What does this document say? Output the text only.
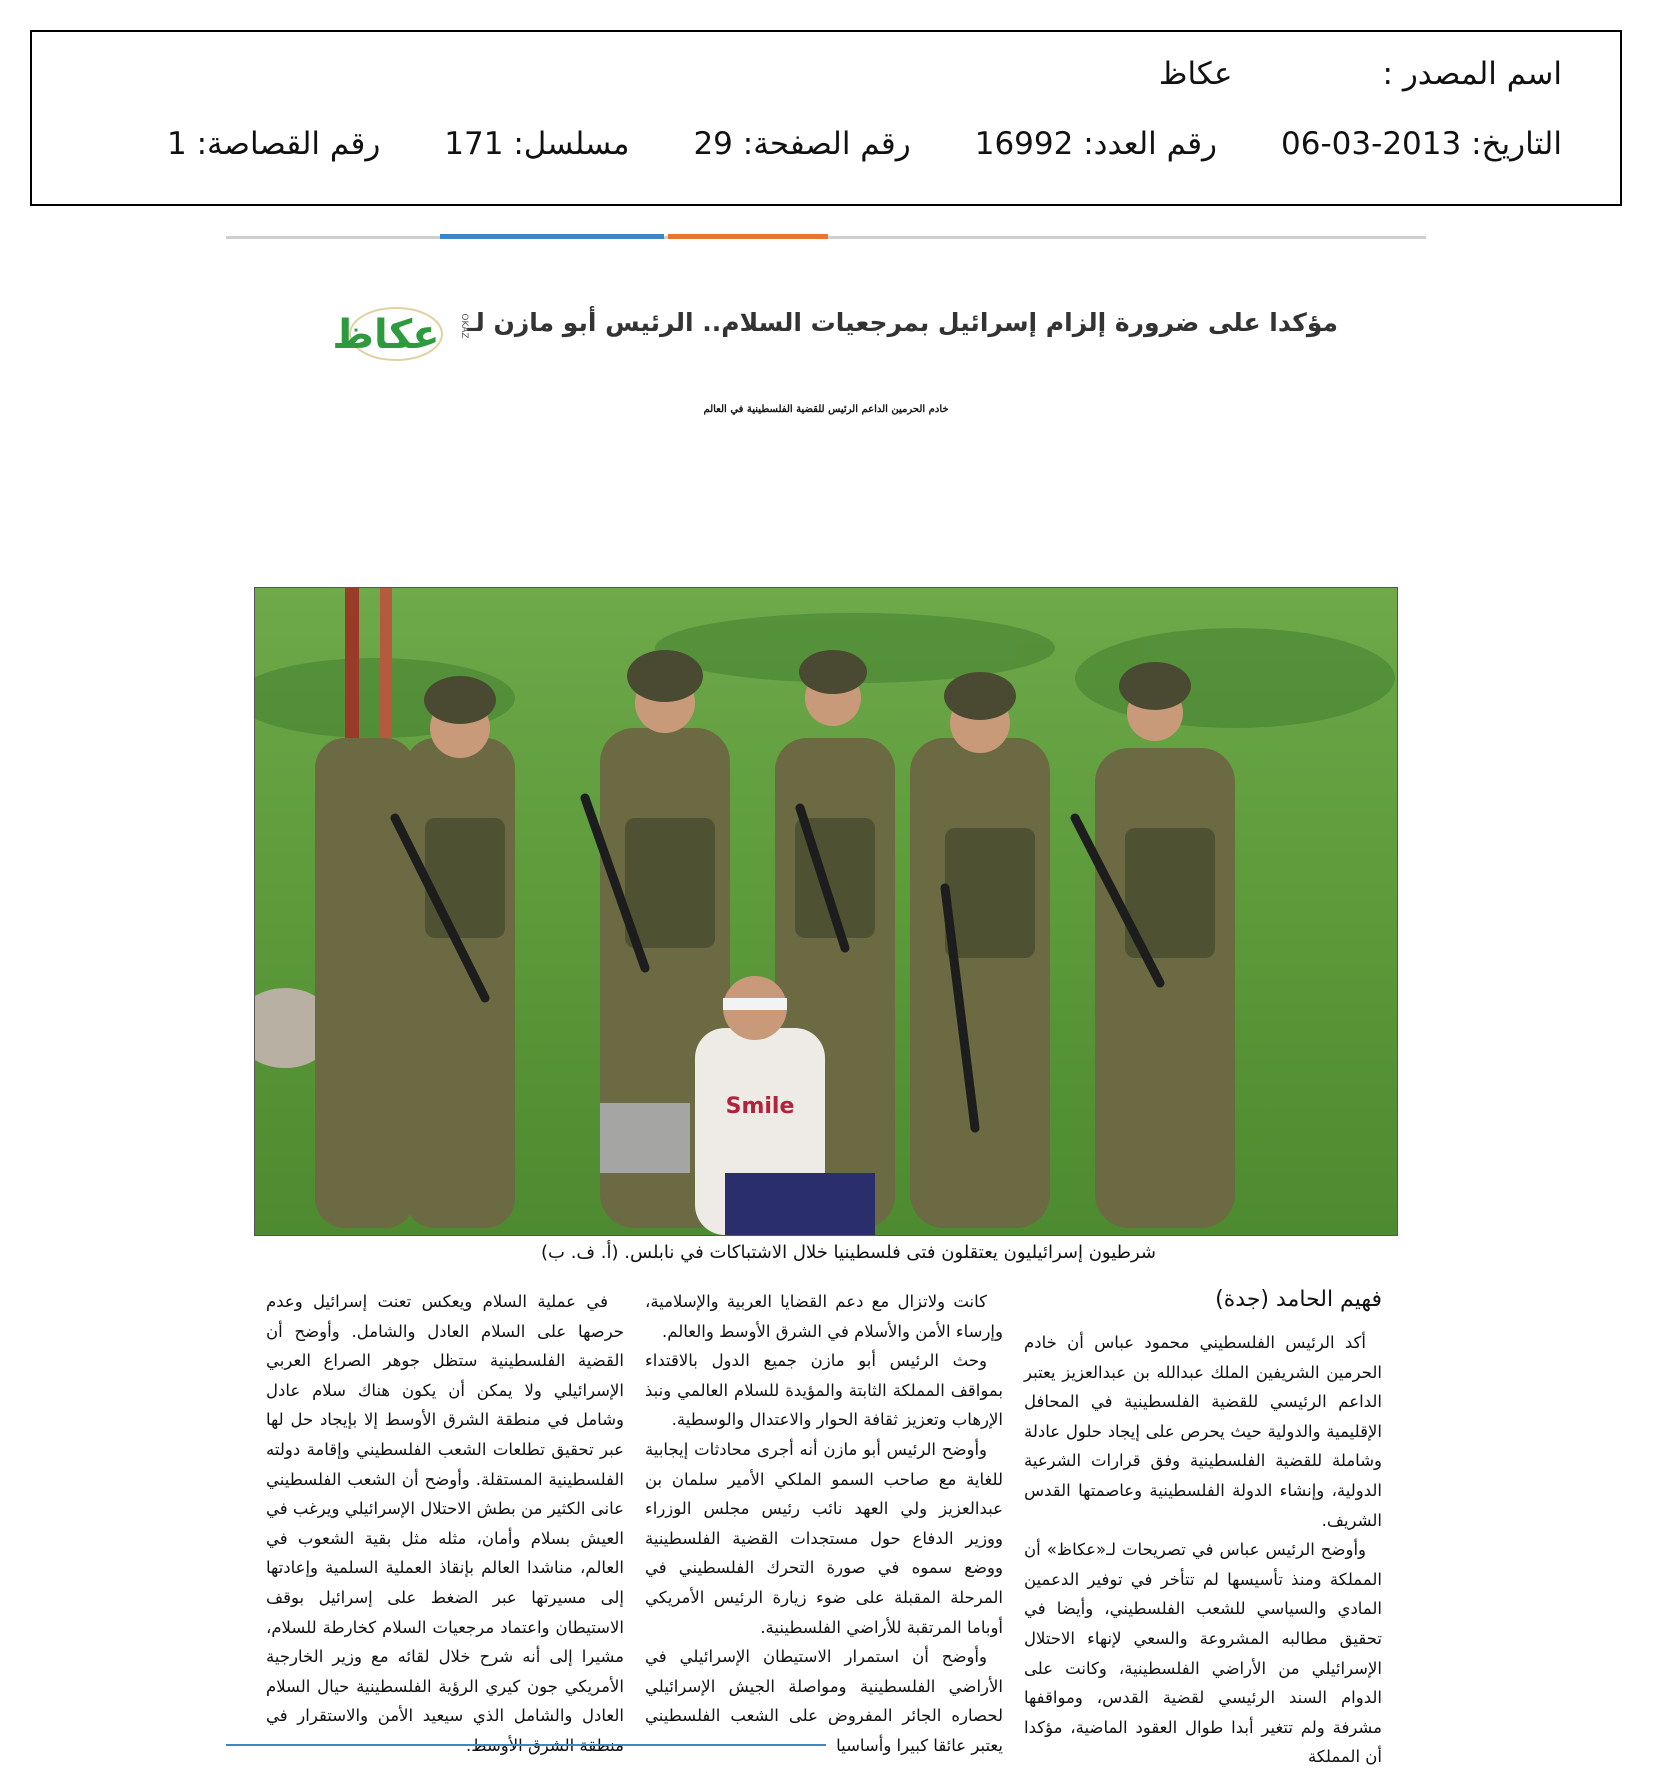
اسم المصدر :
عكاظ
التاريخ: 2013-03-06
رقم العدد: 16992
رقم الصفحة: 29
مسلسل: 171
رقم القصاصة: 1
مؤكدا على ضرورة إلزام إسرائيل بمرجعيات السلام.. الرئيس أبو مازن لـ
عكاظ OKAZ
خادم الحرمين الداعم الرئيس للقضية الفلسطينية في العالم
Smile
شرطيون إسرائيليون يعتقلون فتى فلسطينيا خلال الاشتباكات في نابلس. (أ. ف. ب)
فهيم الحامد (جدة)

أكد الرئيس الفلسطيني محمود عباس أن خادم الحرمين الشريفين الملك عبدالله بن عبدالعزيز يعتبر الداعم الرئيسي للقضية الفلسطينية في المحافل الإقليمية والدولية حيث يحرص على إيجاد حلول عادلة وشاملة للقضية الفلسطينية وفق قرارات الشرعية الدولية، وإنشاء الدولة الفلسطينية وعاصمتها القدس الشريف.

وأوضح الرئيس عباس في تصريحات لـ«عكاظ» أن المملكة ومنذ تأسيسها لم تتأخر في توفير الدعمين المادي والسياسي للشعب الفلسطيني، وأيضا في تحقيق مطالبه المشروعة والسعي لإنهاء الاحتلال الإسرائيلي من الأراضي الفلسطينية، وكانت على الدوام السند الرئيسي لقضية القدس، ومواقفها مشرفة ولم تتغير أبدا طوال العقود الماضية، مؤكدا أن المملكة

كانت ولاتزال مع دعم القضايا العربية والإسلامية، وإرساء الأمن والأسلام في الشرق الأوسط والعالم.

وحث الرئيس أبو مازن جميع الدول بالاقتداء بمواقف المملكة الثابتة والمؤيدة للسلام العالمي ونبذ الإرهاب وتعزيز ثقافة الحوار والاعتدال والوسطية.

وأوضح الرئيس أبو مازن أنه أجرى محادثات إيجابية للغاية مع صاحب السمو الملكي الأمير سلمان بن عبدالعزيز ولي العهد نائب رئيس مجلس الوزراء ووزير الدفاع حول مستجدات القضية الفلسطينية ووضع سموه في صورة التحرك الفلسطيني في المرحلة المقبلة على ضوء زيارة الرئيس الأمريكي أوباما المرتقبة للأراضي الفلسطينية.

وأوضح أن استمرار الاستيطان الإسرائيلي في الأراضي الفلسطينية ومواصلة الجيش الإسرائيلي لحصاره الجائر المفروض على الشعب الفلسطيني يعتبر عائقا كبيرا وأساسيا

في عملية السلام ويعكس تعنت إسرائيل وعدم حرصها على السلام العادل والشامل. وأوضح أن القضية الفلسطينية ستظل جوهر الصراع العربي الإسرائيلي ولا يمكن أن يكون هناك سلام عادل وشامل في منطقة الشرق الأوسط إلا بإيجاد حل لها عبر تحقيق تطلعات الشعب الفلسطيني وإقامة دولته الفلسطينية المستقلة. وأوضح أن الشعب الفلسطيني عانى الكثير من بطش الاحتلال الإسرائيلي ويرغب في العيش بسلام وأمان، مثله مثل بقية الشعوب في العالم، مناشدا العالم بإنقاذ العملية السلمية وإعادتها إلى مسيرتها عبر الضغط على إسرائيل بوقف الاستيطان واعتماد مرجعيات السلام كخارطة للسلام، مشيرا إلى أنه شرح خلال لقائه مع وزير الخارجية الأمريكي جون كيري الرؤية الفلسطينية حيال السلام العادل والشامل الذي سيعيد الأمن والاستقرار في
